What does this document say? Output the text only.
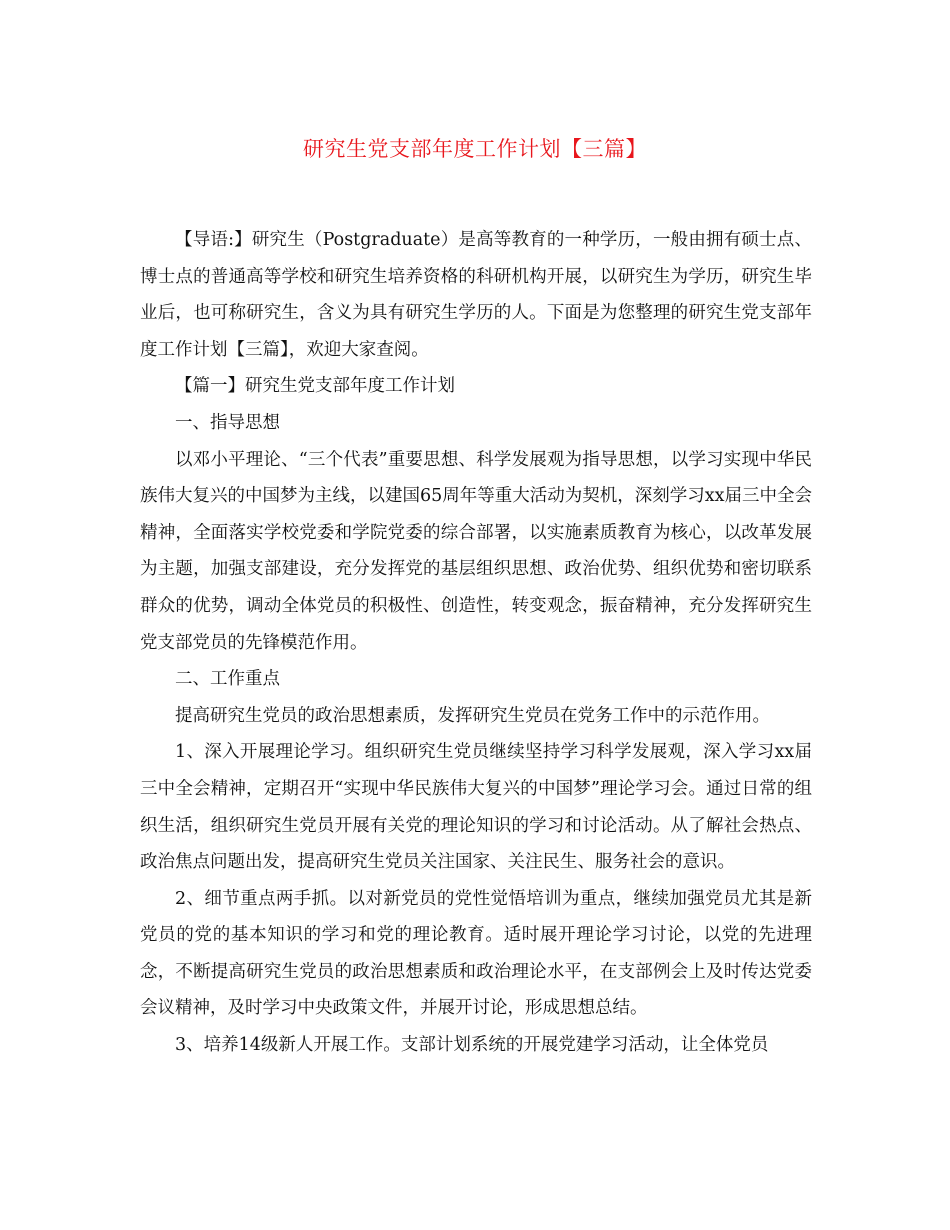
研究生党支部年度工作计划【三篇】

【导语:】研究生（Postgraduate）是高等教育的一种学历，一般由拥有硕士点、博士点的普通高等学校和研究生培养资格的科研机构开展，以研究生为学历，研究生毕业后，也可称研究生，含义为具有研究生学历的人。下面是为您整理的研究生党支部年度工作计划【三篇】，欢迎大家查阅。

【篇一】研究生党支部年度工作计划

一、指导思想

以邓小平理论、“三个代表”重要思想、科学发展观为指导思想，以学习实现中华民族伟大复兴的中国梦为主线，以建国65周年等重大活动为契机，深刻学习xx届三中全会精神，全面落实学校党委和学院党委的综合部署，以实施素质教育为核心，以改革发展为主题，加强支部建设，充分发挥党的基层组织思想、政治优势、组织优势和密切联系群众的优势，调动全体党员的积极性、创造性，转变观念，振奋精神，充分发挥研究生党支部党员的先锋模范作用。

二、工作重点

提高研究生党员的政治思想素质，发挥研究生党员在党务工作中的示范作用。

1、深入开展理论学习。组织研究生党员继续坚持学习科学发展观，深入学习xx届三中全会精神，定期召开“实现中华民族伟大复兴的中国梦”理论学习会。通过日常的组织生活，组织研究生党员开展有关党的理论知识的学习和讨论活动。从了解社会热点、政治焦点问题出发，提高研究生党员关注国家、关注民生、服务社会的意识。

2、细节重点两手抓。以对新党员的党性觉悟培训为重点，继续加强党员尤其是新党员的党的基本知识的学习和党的理论教育。适时展开理论学习讨论，以党的先进理念，不断提高研究生党员的政治思想素质和政治理论水平，在支部例会上及时传达党委会议精神，及时学习中央政策文件，并展开讨论，形成思想总结。

3、培养14级新人开展工作。支部计划系统的开展党建学习活动，让全体党员
